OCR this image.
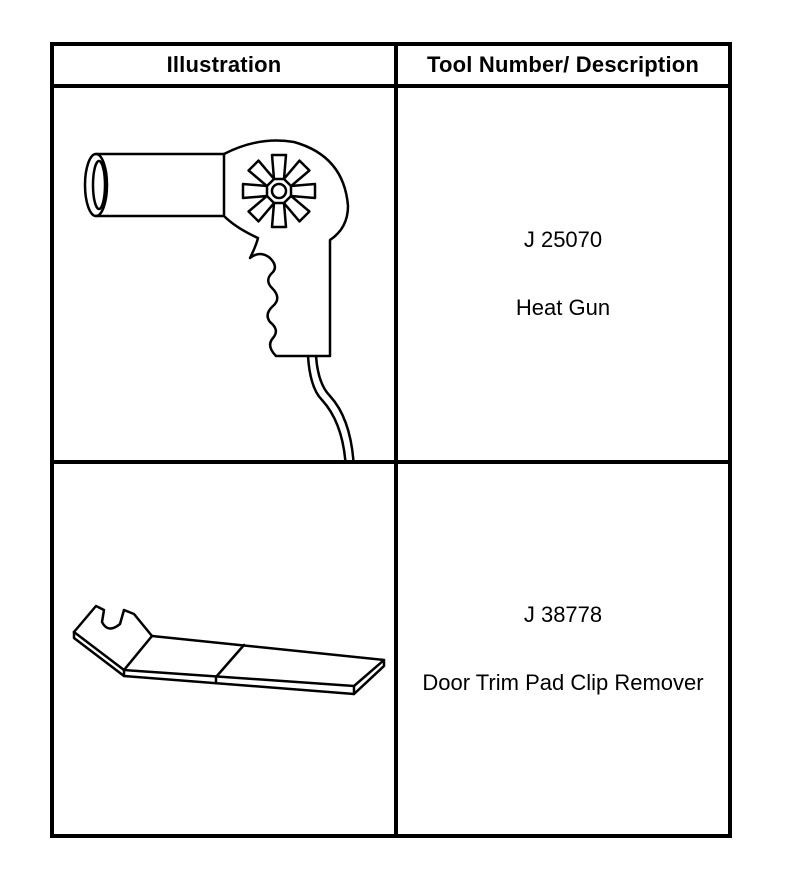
Illustration	Tool Number/ Description
J 25070
Heat Gun
J 38778
Door Trim Pad Clip Remover
